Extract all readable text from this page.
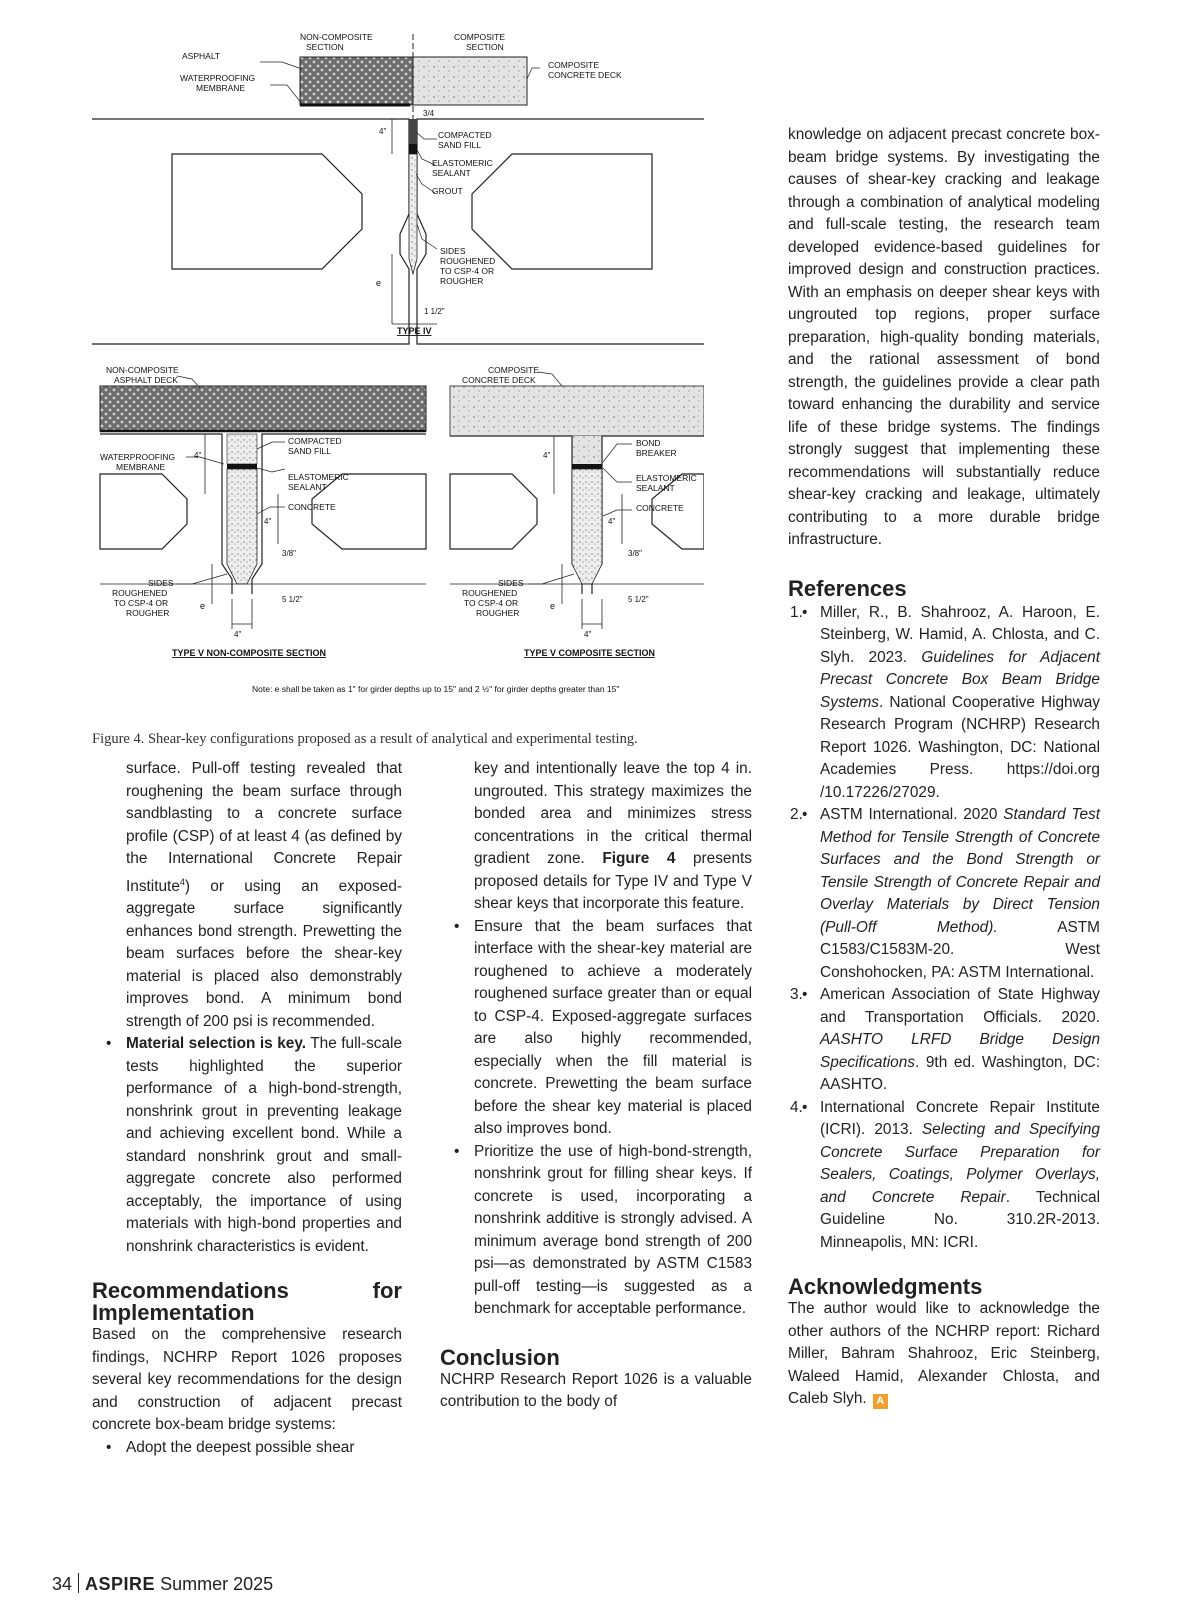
ASPHALT
WATERPROOFING
MEMBRANE
NON-COMPOSITE
SECTION
COMPOSITE
SECTION
COMPOSITE
CONCRETE DECK
COMPACTED
SAND FILL
ELASTOMERIC
SEALANT
GROUT
SIDES
ROUGHENED
TO CSP-4 OR
ROUGHER
4"
3/4
e
1 1/2"
TYPE IV
NON-COMPOSITE
ASPHALT DECK
WATERPROOFING
MEMBRANE
COMPACTED
SAND FILL
ELASTOMERIC
SEALANT
CONCRETE
SIDES
ROUGHENED
TO CSP-4 OR
ROUGHER
4"
4"
3/8"
e
5 1/2"
4"
TYPE V NON-COMPOSITE SECTION
COMPOSITE
CONCRETE DECK
BOND
BREAKER
ELASTOMERIC
SEALANT
CONCRETE
SIDES
ROUGHENED
TO CSP-4 OR
ROUGHER
4"
4"
3/8"
e
5 1/2"
4"
TYPE V COMPOSITE SECTION
Note: e shall be taken as 1" for girder depths up to 15" and 2 ½" for girder depths greater than 15"
Figure 4. Shear-key configurations proposed as a result of analytical and experimental testing.

surface. Pull-off testing revealed that roughening the beam surface through sandblasting to a concrete surface profile (CSP) of at least 4 (as defined by the International Concrete Repair Institute$^4$) or using an exposed-aggregate surface significantly enhances bond strength. Prewetting the beam surfaces before the shear-key material is placed also demonstrably improves bond. A minimum bond strength of 200 psi is recommended.

• Material selection is key. The full-scale tests highlighted the superior performance of a high-bond-strength, nonshrink grout in preventing leakage and achieving excellent bond. While a standard nonshrink grout and small-aggregate concrete also performed acceptably, the importance of using materials with high-bond properties and nonshrink characteristics is evident.
Recommendations for Implementation

Based on the comprehensive research findings, NCHRP Report 1026 proposes several key recommendations for the design and construction of adjacent precast concrete box-beam bridge systems:

• Adopt the deepest possible shear
key and intentionally leave the top 4 in. ungrouted. This strategy maximizes the bonded area and minimizes stress concentrations in the critical thermal gradient zone. Figure 4 presents proposed details for Type IV and Type V shear keys that incorporate this feature.
• Ensure that the beam surfaces that interface with the shear-key material are roughened to achieve a moderately roughened surface greater than or equal to CSP-4. Exposed-aggregate surfaces are also highly recommended, especially when the fill material is concrete. Prewetting the beam surface before the shear key material is placed also improves bond.
• Prioritize the use of high-bond-strength, nonshrink grout for filling shear keys. If concrete is used, incorporating a nonshrink additive is strongly advised. A minimum average bond strength of 200 psi—as demonstrated by ASTM C1583 pull-off testing—is suggested as a benchmark for acceptable performance.
Conclusion

NCHRP Research Report 1026 is a valuable contribution to the body of

knowledge on adjacent precast concrete box-beam bridge systems. By investigating the causes of shear-key cracking and leakage through a combination of analytical modeling and full-scale testing, the research team developed evidence-based guidelines for improved design and construction practices. With an emphasis on deeper shear keys with ungrouted top regions, proper surface preparation, high-quality bonding materials, and the rational assessment of bond strength, the guidelines provide a clear path toward enhancing the durability and service life of these bridge systems. The findings strongly suggest that implementing these recommendations will substantially reduce shear-key cracking and leakage, ultimately contributing to a more durable bridge infrastructure.

References
• 1. Miller, R., B. Shahrooz, A. Haroon, E. Steinberg, W. Hamid, A. Chlosta, and C. Slyh. 2023. Guidelines for Adjacent Precast Concrete Box Beam Bridge Systems. National Cooperative Highway Research Program (NCHRP) Research Report 1026. Washington, DC: National Academies Press. https://doi.org /10.17226/27029.
• 2. ASTM International. 2020 Standard Test Method for Tensile Strength of Concrete Surfaces and the Bond Strength or Tensile Strength of Concrete Repair and Overlay Materials by Direct Tension (Pull-Off Method). ASTM C1583/C1583M-20. West Conshohocken, PA: ASTM International.
• 3. American Association of State Highway and Transportation Officials. 2020. AASHTO LRFD Bridge Design Specifications. 9th ed. Washington, DC: AASHTO.
• 4. International Concrete Repair Institute (ICRI). 2013. Selecting and Specifying Concrete Surface Preparation for Sealers, Coatings, Polymer Overlays, and Concrete Repair. Technical Guideline No. 310.2R-2013. Minneapolis, MN: ICRI.
Acknowledgments

The author would like to acknowledge the other authors of the NCHRP report: Richard Miller, Bahram Shahrooz, Eric Steinberg, Waleed Hamid, Alexander Chlosta, and Caleb Slyh. A

34 ASPIRE Summer 2025
